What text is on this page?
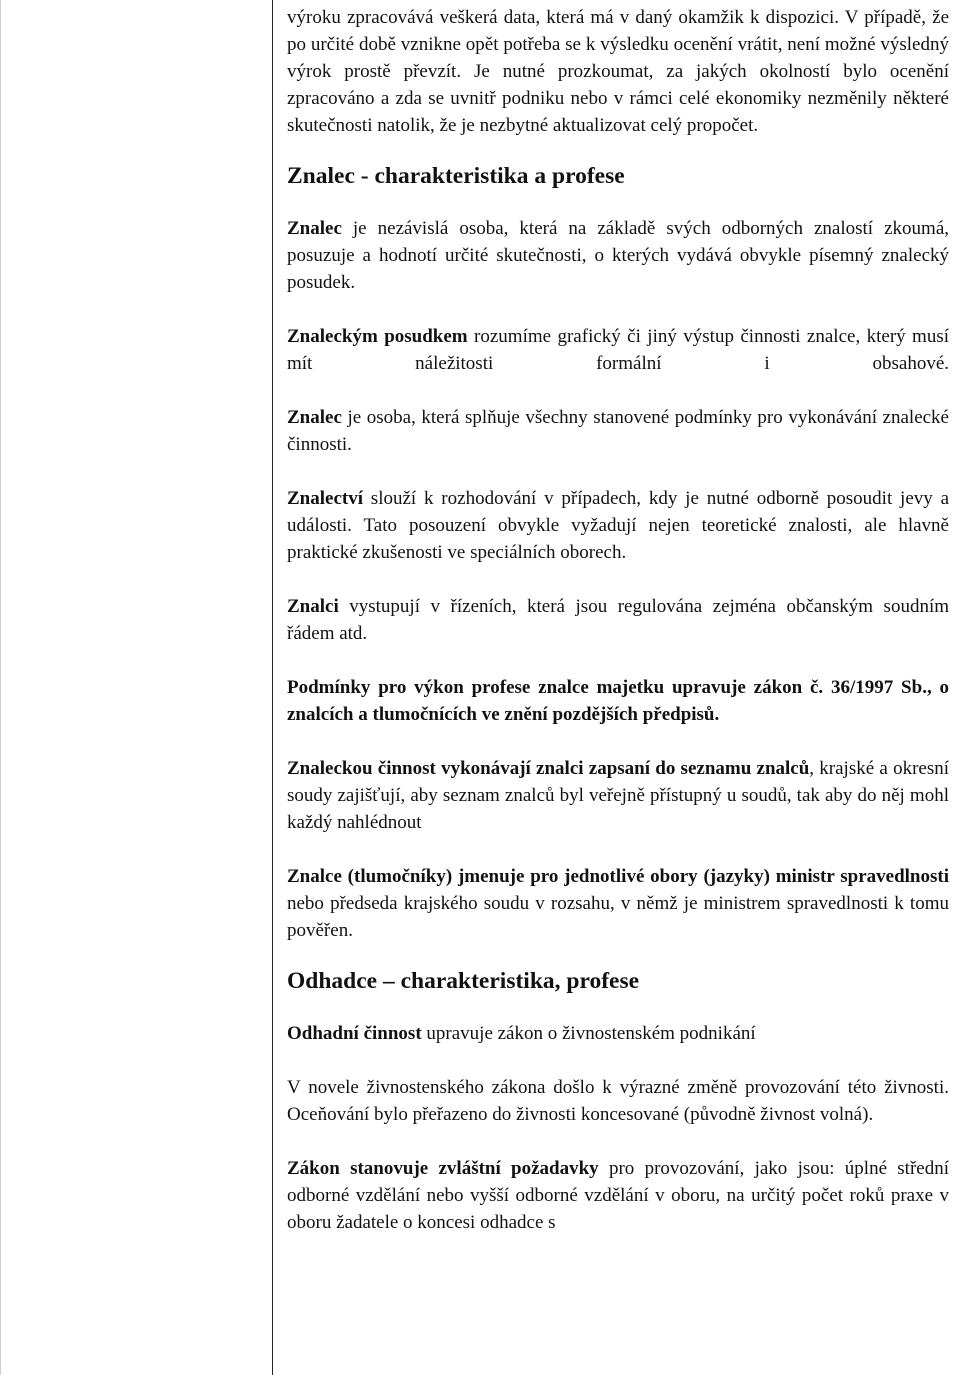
výroku zpracovává veškerá data, která má v daný okamžik k dispozici. V případě, že po určité době vznikne opět potřeba se k výsledku ocenění vrátit, není možné výsledný výrok prostě převzít. Je nutné prozkoumat, za jakých okolností bylo ocenění zpracováno a zda se uvnitř podniku nebo v rámci celé ekonomiky nezměnily některé skutečnosti natolik, že je nezbytné aktualizovat celý propočet.

Znalec - charakteristika a profese

Znalec je nezávislá osoba, která na základě svých odborných znalostí zkoumá, posuzuje a hodnotí určité skutečnosti, o kterých vydává obvykle písemný znalecký posudek.

Znaleckým posudkem rozumíme grafický či jiný výstup činnosti znalce, který musí mít náležitosti formální i obsahové.

Znalec je osoba, která splňuje všechny stanovené podmínky pro vykonávání znalecké činnosti.

Znalectví slouží k rozhodování v případech, kdy je nutné odborně posoudit jevy a události. Tato posouzení obvykle vyžadují nejen teoretické znalosti, ale hlavně praktické zkušenosti ve speciálních oborech.

Znalci vystupují v řízeních, která jsou regulována zejména občanským soudním řádem atd.

Podmínky pro výkon profese znalce majetku upravuje zákon č. 36/1997 Sb., o znalcích a tlumočnících ve znění pozdějších předpisů.

Znaleckou činnost vykonávají znalci zapsaní do seznamu znalců, krajské a okresní soudy zajišťují, aby seznam znalců byl veřejně přístupný u soudů, tak aby do něj mohl každý nahlédnout

Znalce (tlumočníky) jmenuje pro jednotlivé obory (jazyky) ministr spravedlnosti nebo předseda krajského soudu v rozsahu, v němž je ministrem spravedlnosti k tomu pověřen.

Odhadce – charakteristika, profese

Odhadní činnost upravuje zákon o živnostenském podnikání

V novele živnostenského zákona došlo k výrazné změně provozování této živnosti. Oceňování bylo přeřazeno do živnosti koncesované (původně živnost volná).

Zákon stanovuje zvláštní požadavky pro provozování, jako jsou: úplné střední odborné vzdělání nebo vyšší odborné vzdělání v oboru, na určitý počet roků praxe v oboru žadatele o koncesi odhadce s
